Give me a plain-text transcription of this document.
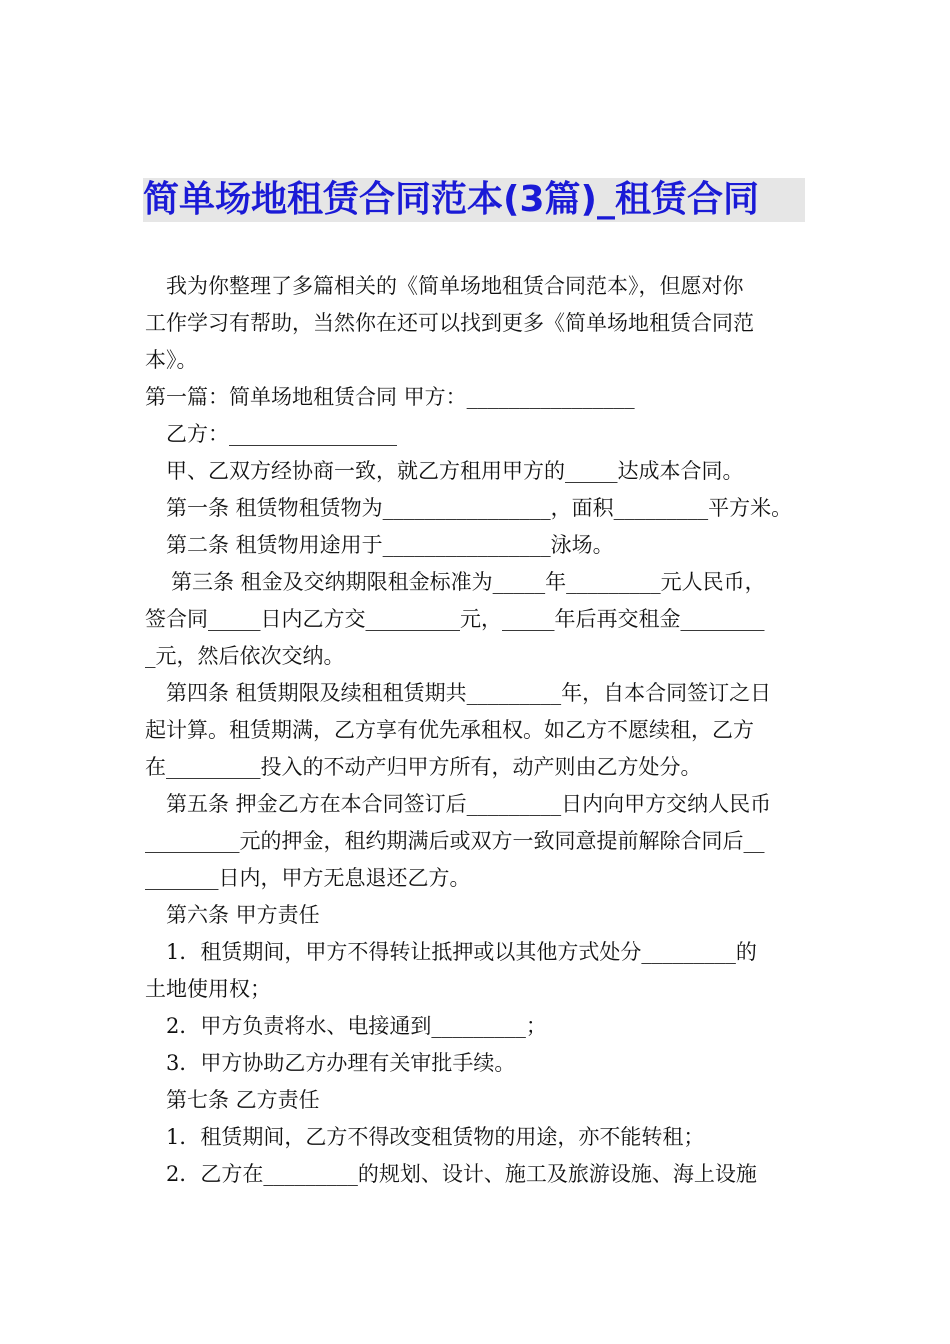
简单场地租赁合同范本(3篇)_租赁合同
我为你整理了多篇相关的《简单场地租赁合同范本》，但愿对你
工作学习有帮助，当然你在还可以找到更多《简单场地租赁合同范
本》。
第一篇：简单场地租赁合同 甲方：________________
乙方：________________
甲、乙双方经协商一致，就乙方租用甲方的_____达成本合同。
第一条 租赁物租赁物为________________，面积_________平方米。
第二条 租赁物用途用于________________泳场。
第三条 租金及交纳期限租金标准为_____年_________元人民币，
签合同_____日内乙方交_________元，_____年后再交租金________
_元，然后依次交纳。
第四条 租赁期限及续租租赁期共_________年，自本合同签订之日
起计算。租赁期满，乙方享有优先承租权。如乙方不愿续租，乙方
在_________投入的不动产归甲方所有，动产则由乙方处分。
第五条 押金乙方在本合同签订后_________日内向甲方交纳人民币
_________元的押金，租约期满后或双方一致同意提前解除合同后__
_______日内，甲方无息退还乙方。
第六条 甲方责任
1．租赁期间，甲方不得转让抵押或以其他方式处分_________的
土地使用权；
2．甲方负责将水、电接通到_________；
3．甲方协助乙方办理有关审批手续。
第七条 乙方责任
1．租赁期间，乙方不得改变租赁物的用途，亦不能转租；
2．乙方在_________的规划、设计、施工及旅游设施、海上设施
